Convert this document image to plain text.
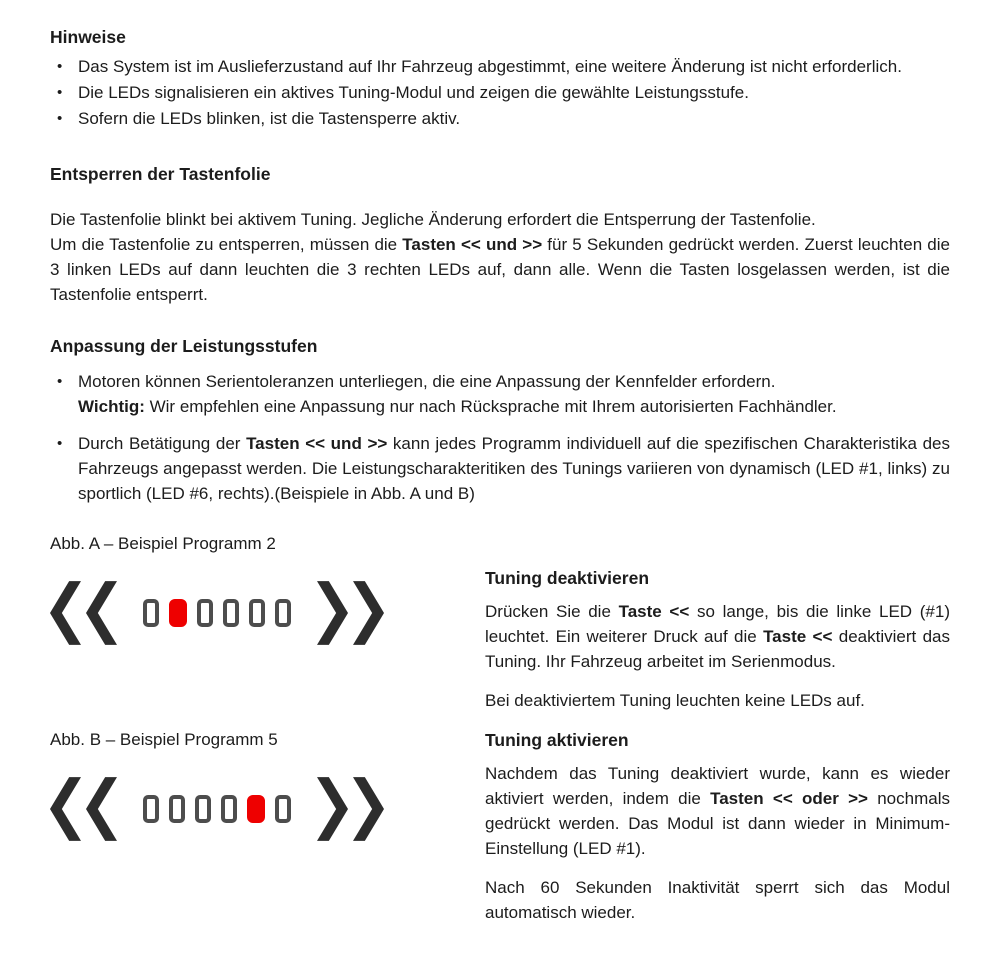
Hinweise
• Das System ist im Auslieferzustand auf Ihr Fahrzeug abgestimmt, eine weitere Änderung ist nicht erforderlich.
• Die LEDs signalisieren ein aktives Tuning-Modul und zeigen die gewählte Leistungsstufe.
• Sofern die LEDs blinken, ist die Tastensperre aktiv.
Entsperren der Tastenfolie
Die Tastenfolie blinkt bei aktivem Tuning. Jegliche Änderung erfordert die Entsperrung der Tastenfolie.
Um die Tastenfolie zu entsperren, müssen die Tasten << und >> für 5 Sekunden gedrückt werden. Zuerst leuchten die 3 linken LEDs auf dann leuchten die 3 rechten LEDs auf, dann alle. Wenn die Tasten losgelassen werden, ist die Tastenfolie entsperrt.
Anpassung der Leistungsstufen
• Motoren können Serientoleranzen unterliegen, die eine Anpassung der Kennfelder erfordern.
Wichtig: Wir empfehlen eine Anpassung nur nach Rücksprache mit Ihrem autorisierten Fachhändler.
• Durch Betätigung der Tasten << und >> kann jedes Programm individuell auf die spezifischen Charakteristika des Fahrzeugs angepasst werden. Die Leistungscharakteritiken des Tunings variieren von dynamisch (LED #1, links) zu sportlich (LED #6, rechts).(Beispiele in Abb. A und B)

Abb. A – Beispiel Programm 2

Abb. B – Beispiel Programm 5

Tuning deaktivieren

Drücken Sie die Taste << so lange, bis die linke LED (#1) leuchtet. Ein weiterer Druck auf die Taste << deaktiviert das Tuning. Ihr Fahrzeug arbeitet im Serienmodus.

Bei deaktiviertem Tuning leuchten keine LEDs auf.

Tuning aktivieren

Nachdem das Tuning deaktiviert wurde, kann es wieder aktiviert werden, indem die Tasten << oder >> nochmals gedrückt werden. Das Modul ist dann wieder in Minimum-Einstellung (LED #1).

Nach 60 Sekunden Inaktivität sperrt sich das Modul automatisch wieder.
